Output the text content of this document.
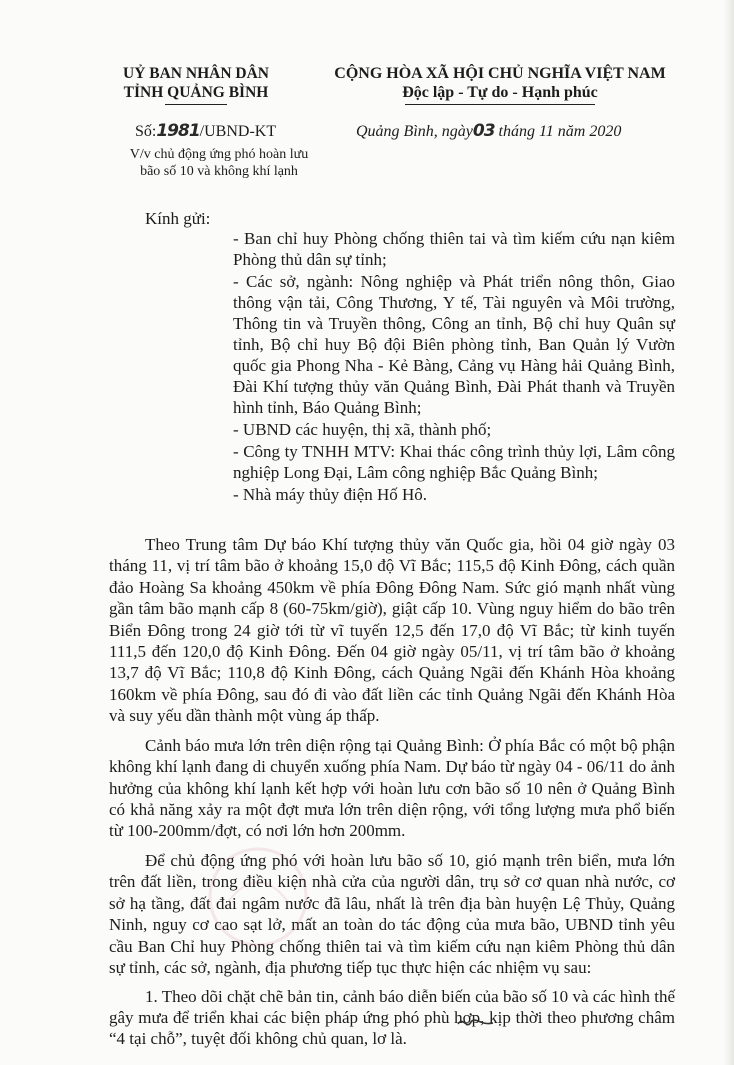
UỶ BAN NHÂN DÂN
TỈNH QUẢNG BÌNH
CỘNG HÒA XÃ HỘI CHỦ NGHĨA VIỆT NAM
Độc lập - Tự do - Hạnh phúc
Số:1981/UBND-KT	Quảng Bình, ngày03 tháng 11 năm 2020
V/v chủ động ứng phó hoàn lưu
bão số 10 và không khí lạnh
Kính gửi:

- Ban chỉ huy Phòng chống thiên tai và tìm kiếm cứu nạn kiêm Phòng thủ dân sự tỉnh;

- Các sở, ngành: Nông nghiệp và Phát triển nông thôn, Giao thông vận tải, Công Thương, Y tế, Tài nguyên và Môi trường, Thông tin và Truyền thông, Công an tỉnh, Bộ chỉ huy Quân sự tỉnh, Bộ chỉ huy Bộ đội Biên phòng tỉnh, Ban Quản lý Vườn quốc gia Phong Nha - Kẻ Bàng, Cảng vụ Hàng hải Quảng Bình, Đài Khí tượng thủy văn Quảng Bình, Đài Phát thanh và Truyền hình tỉnh, Báo Quảng Bình;

- UBND các huyện, thị xã, thành phố;

- Công ty TNHH MTV: Khai thác công trình thủy lợi, Lâm công nghiệp Long Đại, Lâm công nghiệp Bắc Quảng Bình;

- Nhà máy thủy điện Hố Hô.

Theo Trung tâm Dự báo Khí tượng thủy văn Quốc gia, hồi 04 giờ ngày 03 tháng 11, vị trí tâm bão ở khoảng 15,0 độ Vĩ Bắc; 115,5 độ Kinh Đông, cách quần đảo Hoàng Sa khoảng 450km về phía Đông Đông Nam. Sức gió mạnh nhất vùng gần tâm bão mạnh cấp 8 (60-75km/giờ), giật cấp 10. Vùng nguy hiểm do bão trên Biển Đông trong 24 giờ tới từ vĩ tuyến 12,5 đến 17,0 độ Vĩ Bắc; từ kinh tuyến 111,5 đến 120,0 độ Kinh Đông. Đến 04 giờ ngày 05/11, vị trí tâm bão ở khoảng 13,7 độ Vĩ Bắc; 110,8 độ Kinh Đông, cách Quảng Ngãi đến Khánh Hòa khoảng 160km về phía Đông, sau đó đi vào đất liền các tỉnh Quảng Ngãi đến Khánh Hòa và suy yếu dần thành một vùng áp thấp.

Cảnh báo mưa lớn trên diện rộng tại Quảng Bình: Ở phía Bắc có một bộ phận không khí lạnh đang di chuyển xuống phía Nam. Dự báo từ ngày 04 - 06/11 do ảnh hưởng của không khí lạnh kết hợp với hoàn lưu cơn bão số 10 nên ở Quảng Bình có khả năng xảy ra một đợt mưa lớn trên diện rộng, với tổng lượng mưa phổ biến từ 100-200mm/đợt, có nơi lớn hơn 200mm.

Để chủ động ứng phó với hoàn lưu bão số 10, gió mạnh trên biển, mưa lớn trên đất liền, trong điều kiện nhà cửa của người dân, trụ sở cơ quan nhà nước, cơ sở hạ tầng, đất đai ngâm nước đã lâu, nhất là trên địa bàn huyện Lệ Thủy, Quảng Ninh, nguy cơ cao sạt lở, mất an toàn do tác động của mưa bão, UBND tỉnh yêu cầu Ban Chỉ huy Phòng chống thiên tai và tìm kiếm cứu nạn kiêm Phòng thủ dân sự tỉnh, các sở, ngành, địa phương tiếp tục thực hiện các nhiệm vụ sau:

1. Theo dõi chặt chẽ bản tin, cảnh báo diễn biến của bão số 10 và các hình thế gây mưa để triển khai các biện pháp ứng phó phù hợp, kịp thời theo phương châm “4 tại chỗ”, tuyệt đối không chủ quan, lơ là.
